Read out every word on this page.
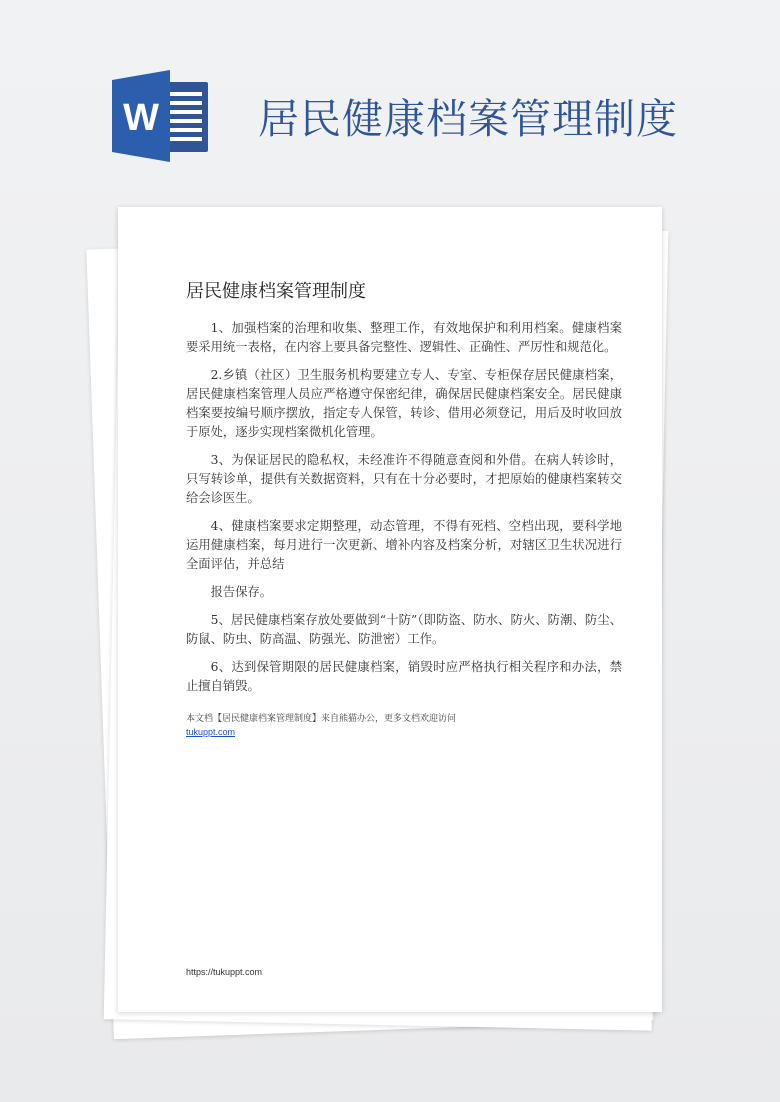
W 居民健康档案管理制度
居民健康档案管理制度

1、加强档案的治理和收集、整理工作，有效地保护和利用档案。健康档案要采用统一表格，在内容上要具备完整性、逻辑性、正确性、严厉性和规范化。

2.乡镇（社区）卫生服务机构要建立专人、专室、专柜保存居民健康档案，居民健康档案管理人员应严格遵守保密纪律，确保居民健康档案安全。居民健康档案要按编号顺序摆放，指定专人保管，转诊、借用必须登记，用后及时收回放于原处，逐步实现档案微机化管理。

3、为保证居民的隐私权，未经准许不得随意查阅和外借。在病人转诊时，只写转诊单，提供有关数据资料，只有在十分必要时，才把原始的健康档案转交给会诊医生。

4、健康档案要求定期整理，动态管理，不得有死档、空档出现，要科学地运用健康档案，每月进行一次更新、增补内容及档案分析，对辖区卫生状况进行全面评估，并总结

报告保存。

5、居民健康档案存放处要做到“十防”（即防盗、防水、防火、防潮、防尘、防鼠、防虫、防高温、防强光、防泄密）工作。

6、达到保管期限的居民健康档案，销毁时应严格执行相关程序和办法，禁止擅自销毁。

本文档【居民健康档案管理制度】来自熊猫办公，更多文档欢迎访问
tukuppt.com
https://tukuppt.com
